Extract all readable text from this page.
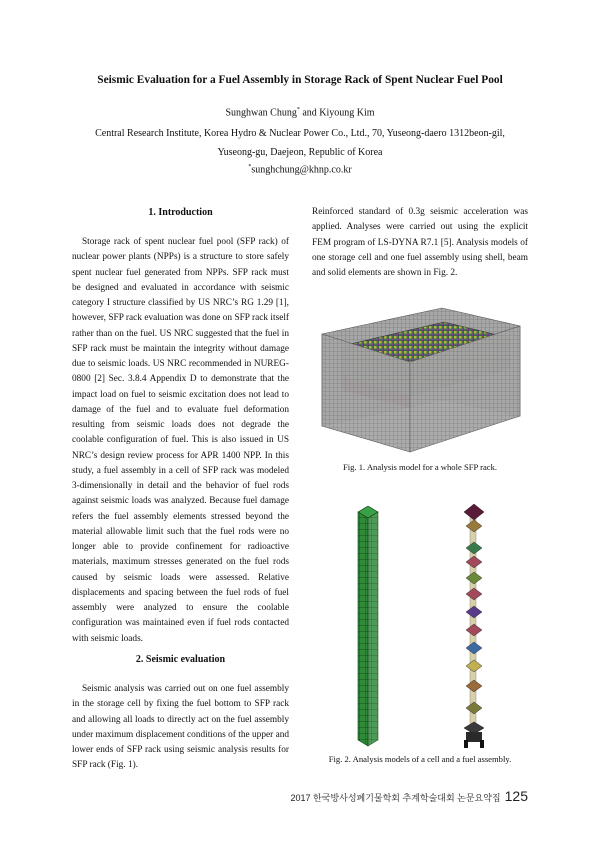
Seismic Evaluation for a Fuel Assembly in Storage Rack of Spent Nuclear Fuel Pool
Sunghwan Chung* and Kiyoung Kim
Central Research Institute, Korea Hydro & Nuclear Power Co., Ltd., 70, Yuseong-daero 1312beon-gil,
Yuseong-gu, Daejeon, Republic of Korea
*sunghchung@khnp.co.kr
1. Introduction

Storage rack of spent nuclear fuel pool (SFP rack) of nuclear power plants (NPPs) is a structure to store safely spent nuclear fuel generated from NPPs. SFP rack must be designed and evaluated in accordance with seismic category I structure classified by US NRC’s RG 1.29 [1], however, SFP rack evaluation was done on SFP rack itself rather than on the fuel. US NRC suggested that the fuel in SFP rack must be maintain the integrity without damage due to seismic loads. US NRC recommended in NUREG-0800 [2] Sec. 3.8.4 Appendix D to demonstrate that the impact load on fuel to seismic excitation does not lead to damage of the fuel and to evaluate fuel deformation resulting from seismic loads does not degrade the coolable configuration of fuel. This is also issued in US NRC’s design review process for APR 1400 NPP. In this study, a fuel assembly in a cell of SFP rack was modeled 3-dimensionally in detail and the behavior of fuel rods against seismic loads was analyzed. Because fuel damage refers the fuel assembly elements stressed beyond the material allowable limit such that the fuel rods were no longer able to provide confinement for radioactive materials, maximum stresses generated on the fuel rods caused by seismic loads were assessed. Relative displacements and spacing between the fuel rods of fuel assembly were analyzed to ensure the coolable configuration was maintained even if fuel rods contacted with seismic loads.

2. Seismic evaluation

Seismic analysis was carried out on one fuel assembly in the storage cell by fixing the fuel bottom to SFP rack and allowing all loads to directly act on the fuel assembly under maximum displacement conditions of the upper and lower ends of SFP rack using seismic analysis results for SFP rack (Fig. 1).

Reinforced standard of 0.3g seismic acceleration was applied. Analyses were carried out using the explicit FEM program of LS-DYNA R7.1 [5]. Analysis models of one storage cell and one fuel assembly using shell, beam and solid elements are shown in Fig. 2.

Fig. 1. Analysis model for a whole SFP rack.
Fig. 2. Analysis models of a cell and a fuel assembly.
2017 한국방사성폐기물학회 추계학술대회 논문요약집 125
